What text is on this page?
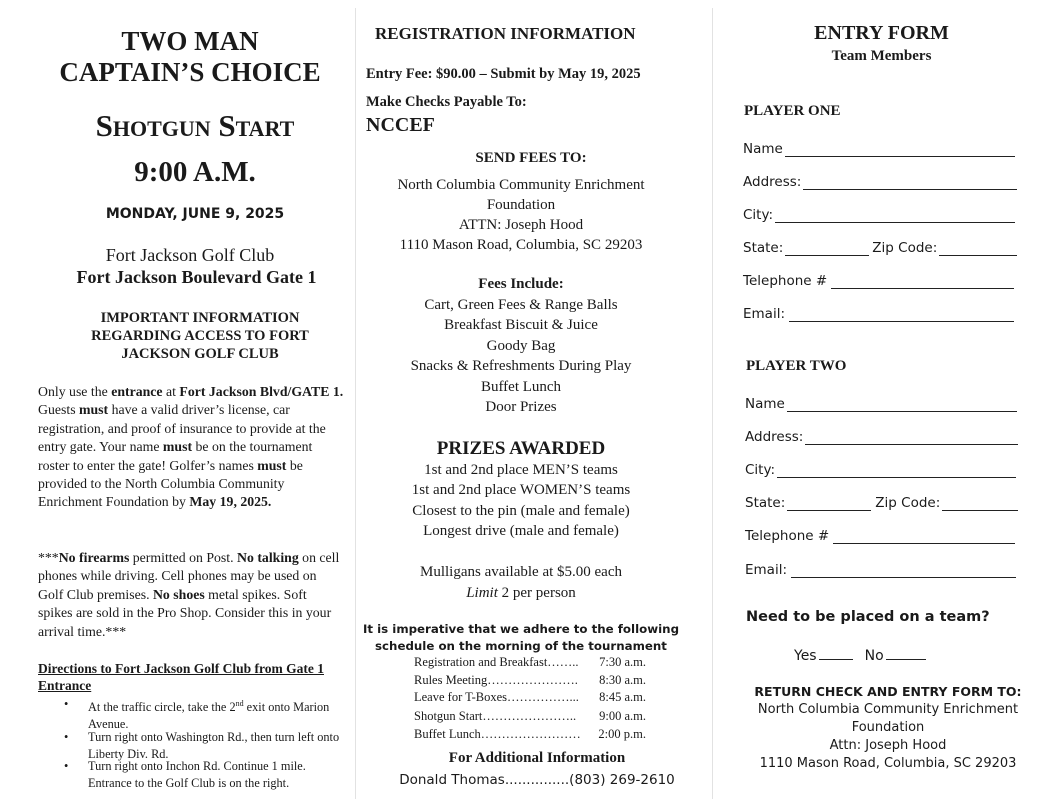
TWO MAN
CAPTAIN’S CHOICE
Shotgun Start
9:00 A.M.
MONDAY, JUNE 9, 2025
Fort Jackson Golf Club
Fort Jackson Boulevard Gate 1
IMPORTANT INFORMATION REGARDING ACCESS TO FORT JACKSON GOLF CLUB
Only use the entrance at Fort Jackson Blvd/GATE 1. Guests must have a valid driver’s license, car registration, and proof of insurance to provide at the entry gate. Your name must be on the tournament roster to enter the gate! Golfer’s names must be provided to the North Columbia Community Enrichment Foundation by May 19, 2025.
***No firearms permitted on Post. No talking on cell phones while driving. Cell phones may be used on Golf Club premises. No shoes metal spikes. Soft spikes are sold in the Pro Shop. Consider this in your arrival time.***
Directions to Fort Jackson Golf Club from Gate 1 Entrance
• At the traffic circle, take the 2nd exit onto Marion Avenue.
• Turn right onto Washington Rd., then turn left onto Liberty Div. Rd.
• Turn right onto Inchon Rd. Continue 1 mile. Entrance to the Golf Club is on the right.
REGISTRATION INFORMATION
Entry Fee: $90.00 – Submit by May 19, 2025
Make Checks Payable To:
NCCEF
SEND FEES TO:
North Columbia Community Enrichment
Foundation
ATTN: Joseph Hood
1110 Mason Road, Columbia, SC 29203
Fees Include:
Cart, Green Fees & Range Balls
Breakfast Biscuit & Juice
Goody Bag
Snacks & Refreshments During Play
Buffet Lunch
Door Prizes
PRIZES AWARDED
1st and 2nd place MEN’S teams
1st and 2nd place WOMEN’S teams
Closest to the pin (male and female)
Longest drive (male and female)
Mulligans available at $5.00 each
Limit 2 per person
It is imperative that we adhere to the following schedule on the morning of the tournament
Registration and Breakfast…….. 7:30 a.m.
Rules Meeting…………………. 8:30 a.m.
Leave for T-Boxes……………... 8:45 a.m.
Shotgun Start………………….. 9:00 a.m.
Buffet Lunch…………………… 2:00 p.m.
For Additional Information
Donald Thomas...............(803) 269-2610
ENTRY FORM
Team Members
PLAYER ONE
Name
Address:
City:
State:	Zip Code:
Telephone #
Email:
PLAYER TWO
Name
Address:
City:
State:	Zip Code:
Telephone #
Email:
Need to be placed on a team?
Yes	No
RETURN CHECK AND ENTRY FORM TO:
North Columbia Community Enrichment
Foundation
Attn: Joseph Hood
1110 Mason Road, Columbia, SC 29203
